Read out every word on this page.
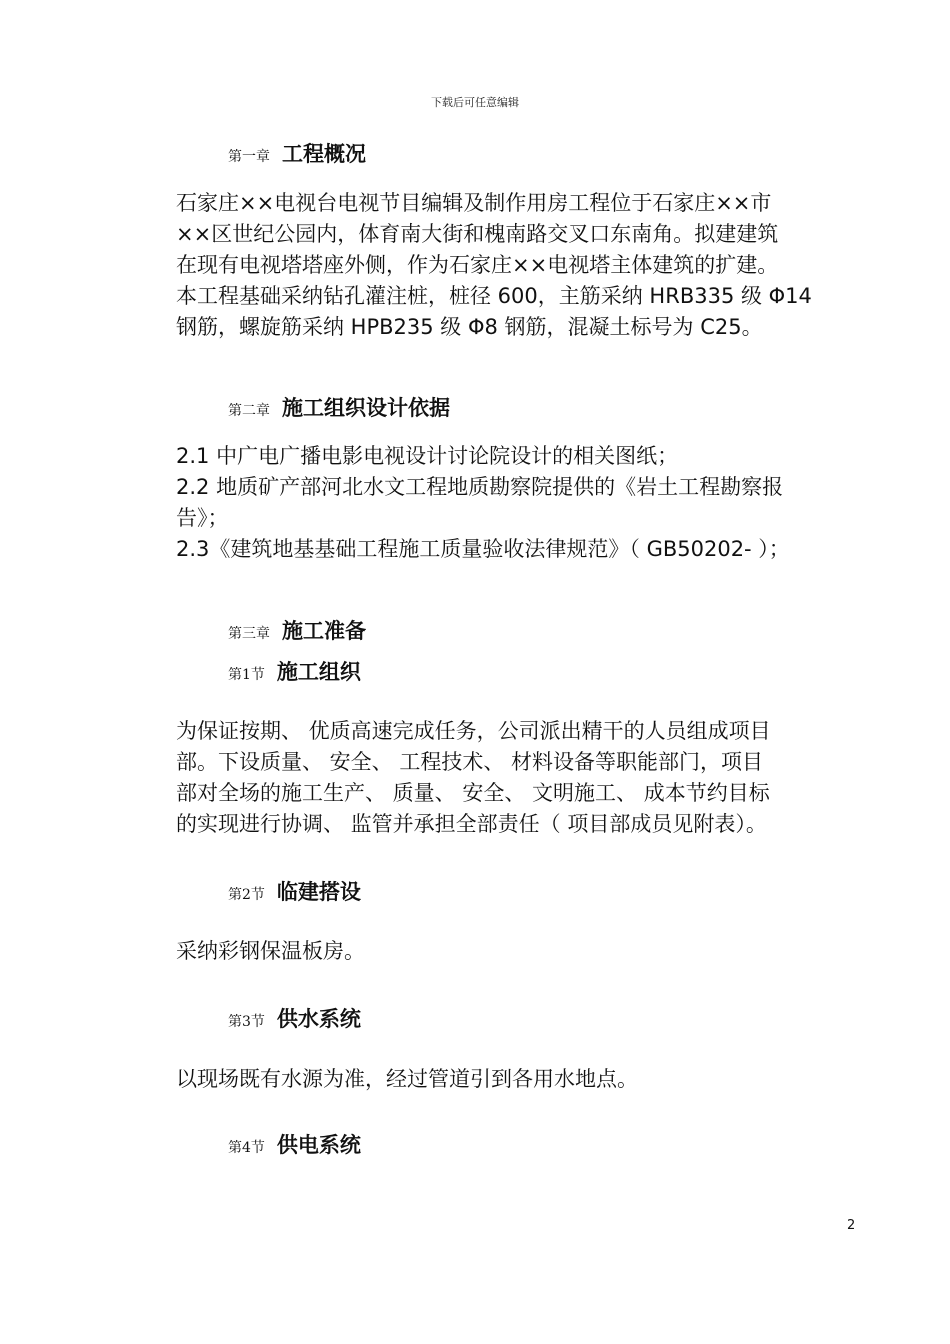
下载后可任意编辑
第一章 工程概况
石家庄××电视台电视节目编辑及制作用房工程位于石家庄××市
××区世纪公园内，体育南大街和槐南路交叉口东南角。拟建建筑
在现有电视塔塔座外侧，作为石家庄××电视塔主体建筑的扩建。
本工程基础采纳钻孔灌注桩，桩径 600，主筋采纳 HRB335 级 Φ14
钢筋，螺旋筋采纳 HPB235 级 Φ8 钢筋，混凝土标号为 C25。
第二章 施工组织设计依据
2.1 中广电广播电影电视设计讨论院设计的相关图纸；
2.2 地质矿产部河北水文工程地质勘察院提供的《岩土工程勘察报
告》；
2.3《建筑地基基础工程施工质量验收法律规范》（ GB50202- ）；
第三章 施工准备
第1节 施工组织
为保证按期、 优质高速完成任务，公司派出精干的人员组成项目
部。下设质量、 安全、 工程技术、 材料设备等职能部门，项目
部对全场的施工生产、 质量、 安全、 文明施工、 成本节约目标
的实现进行协调、 监管并承担全部责任（ 项目部成员见附表）。
第2节 临建搭设
采纳彩钢保温板房。
第3节 供水系统
以现场既有水源为准，经过管道引到各用水地点。
第4节 供电系统
2
